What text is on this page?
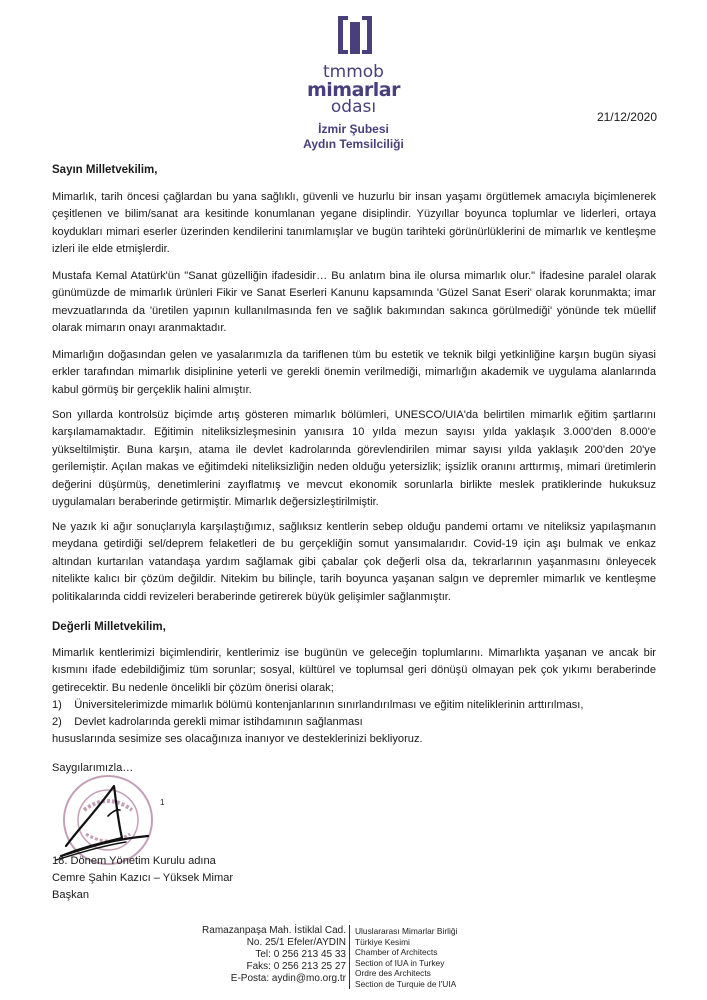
tmmob
mimarlar
odası
İzmir Şubesi
Aydın Temsilciliği
21/12/2020
Sayın Milletvekilim,

Mimarlık, tarih öncesi çağlardan bu yana sağlıklı, güvenli ve huzurlu bir insan yaşamı örgütlemek amacıyla biçimlenerek çeşitlenen ve bilim/sanat ara kesitinde konumlanan yegane disiplindir. Yüzyıllar boyunca toplumlar ve liderleri, ortaya koydukları mimari eserler üzerinden kendilerini tanımlamışlar ve bugün tarihteki görünürlüklerini de mimarlık ve kentleşme izleri ile elde etmişlerdir.

Mustafa Kemal Atatürk'ün "Sanat güzelliğin ifadesidir… Bu anlatım bina ile olursa mimarlık olur." İfadesine paralel olarak günümüzde de mimarlık ürünleri Fikir ve Sanat Eserleri Kanunu kapsamında 'Güzel Sanat Eseri' olarak korunmakta; imar mevzuatlarında da 'üretilen yapının kullanılmasında fen ve sağlık bakımından sakınca görülmediği' yönünde tek müellif olarak mimarın onayı aranmaktadır.

Mimarlığın doğasından gelen ve yasalarımızla da tariflenen tüm bu estetik ve teknik bilgi yetkinliğine karşın bugün siyasi erkler tarafından mimarlık disiplinine yeterli ve gerekli önemin verilmediği, mimarlığın akademik ve uygulama alanlarında kabul görmüş bir gerçeklik halini almıştır.

Son yıllarda kontrolsüz biçimde artış gösteren mimarlık bölümleri, UNESCO/UIA'da belirtilen mimarlık eğitim şartlarını karşılamamaktadır. Eğitimin niteliksizleşmesinin yanısıra 10 yılda mezun sayısı yılda yaklaşık 3.000'den 8.000'e yükseltilmiştir. Buna karşın, atama ile devlet kadrolarında görevlendirilen mimar sayısı yılda yaklaşık 200'den 20'ye gerilemiştir. Açılan makas ve eğitimdeki niteliksizliğin neden olduğu yetersizlik; işsizlik oranını arttırmış, mimari üretimlerin değerini düşürmüş, denetimlerini zayıflatmış ve mevcut ekonomik sorunlarla birlikte meslek pratiklerinde hukuksuz uygulamaları beraberinde getirmiştir. Mimarlık değersizleştirilmiştir.

Ne yazık ki ağır sonuçlarıyla karşılaştığımız, sağlıksız kentlerin sebep olduğu pandemi ortamı ve niteliksiz yapılaşmanın meydana getirdiği sel/deprem felaketleri de bu gerçekliğin somut yansımalarıdır. Covid-19 için aşı bulmak ve enkaz altından kurtarılan vatandaşa yardım sağlamak gibi çabalar çok değerli olsa da, tekrarlarının yaşanmasını önleyecek nitelikte kalıcı bir çözüm değildir. Nitekim bu bilinçle, tarih boyunca yaşanan salgın ve depremler mimarlık ve kentleşme politikalarında ciddi revizeleri beraberinde getirerek büyük gelişimler sağlanmıştır.

Değerli Milletvekilim,

Mimarlık kentlerimizi biçimlendirir, kentlerimiz ise bugünün ve geleceğin toplumlarını. Mimarlıkta yaşanan ve ancak bir kısmını ifade edebildiğimiz tüm sorunlar; sosyal, kültürel ve toplumsal geri dönüşü olmayan pek çok yıkımı beraberinde getirecektir. Bu nedenle öncelikli bir çözüm önerisi olarak;

1)    Üniversitelerimizde mimarlık bölümü kontenjanlarının sınırlandırılması ve eğitim niteliklerinin arttırılması,
2)    Devlet kadrolarında gerekli mimar istihdamının sağlanması
hususlarında sesimize ses olacağınıza inanıyor ve desteklerinizi bekliyoruz.
Saygılarımızla…
1
18. Dönem Yönetim Kurulu adına
Cemre Şahin Kazıcı – Yüksek Mimar
Başkan
Ramazanpaşa Mah. İstiklal Cad.
No. 25/1 Efeler/AYDIN
Tel: 0 256 213 45 33
Faks: 0 256 213 25 27
E-Posta: aydin@mo.org.tr
Uluslararası Mimarlar Birliği
Türkiye Kesimi
Chamber of Architects
Section of IUA in Turkey
Ordre des Architects
Section de Turquie de l'UIA
